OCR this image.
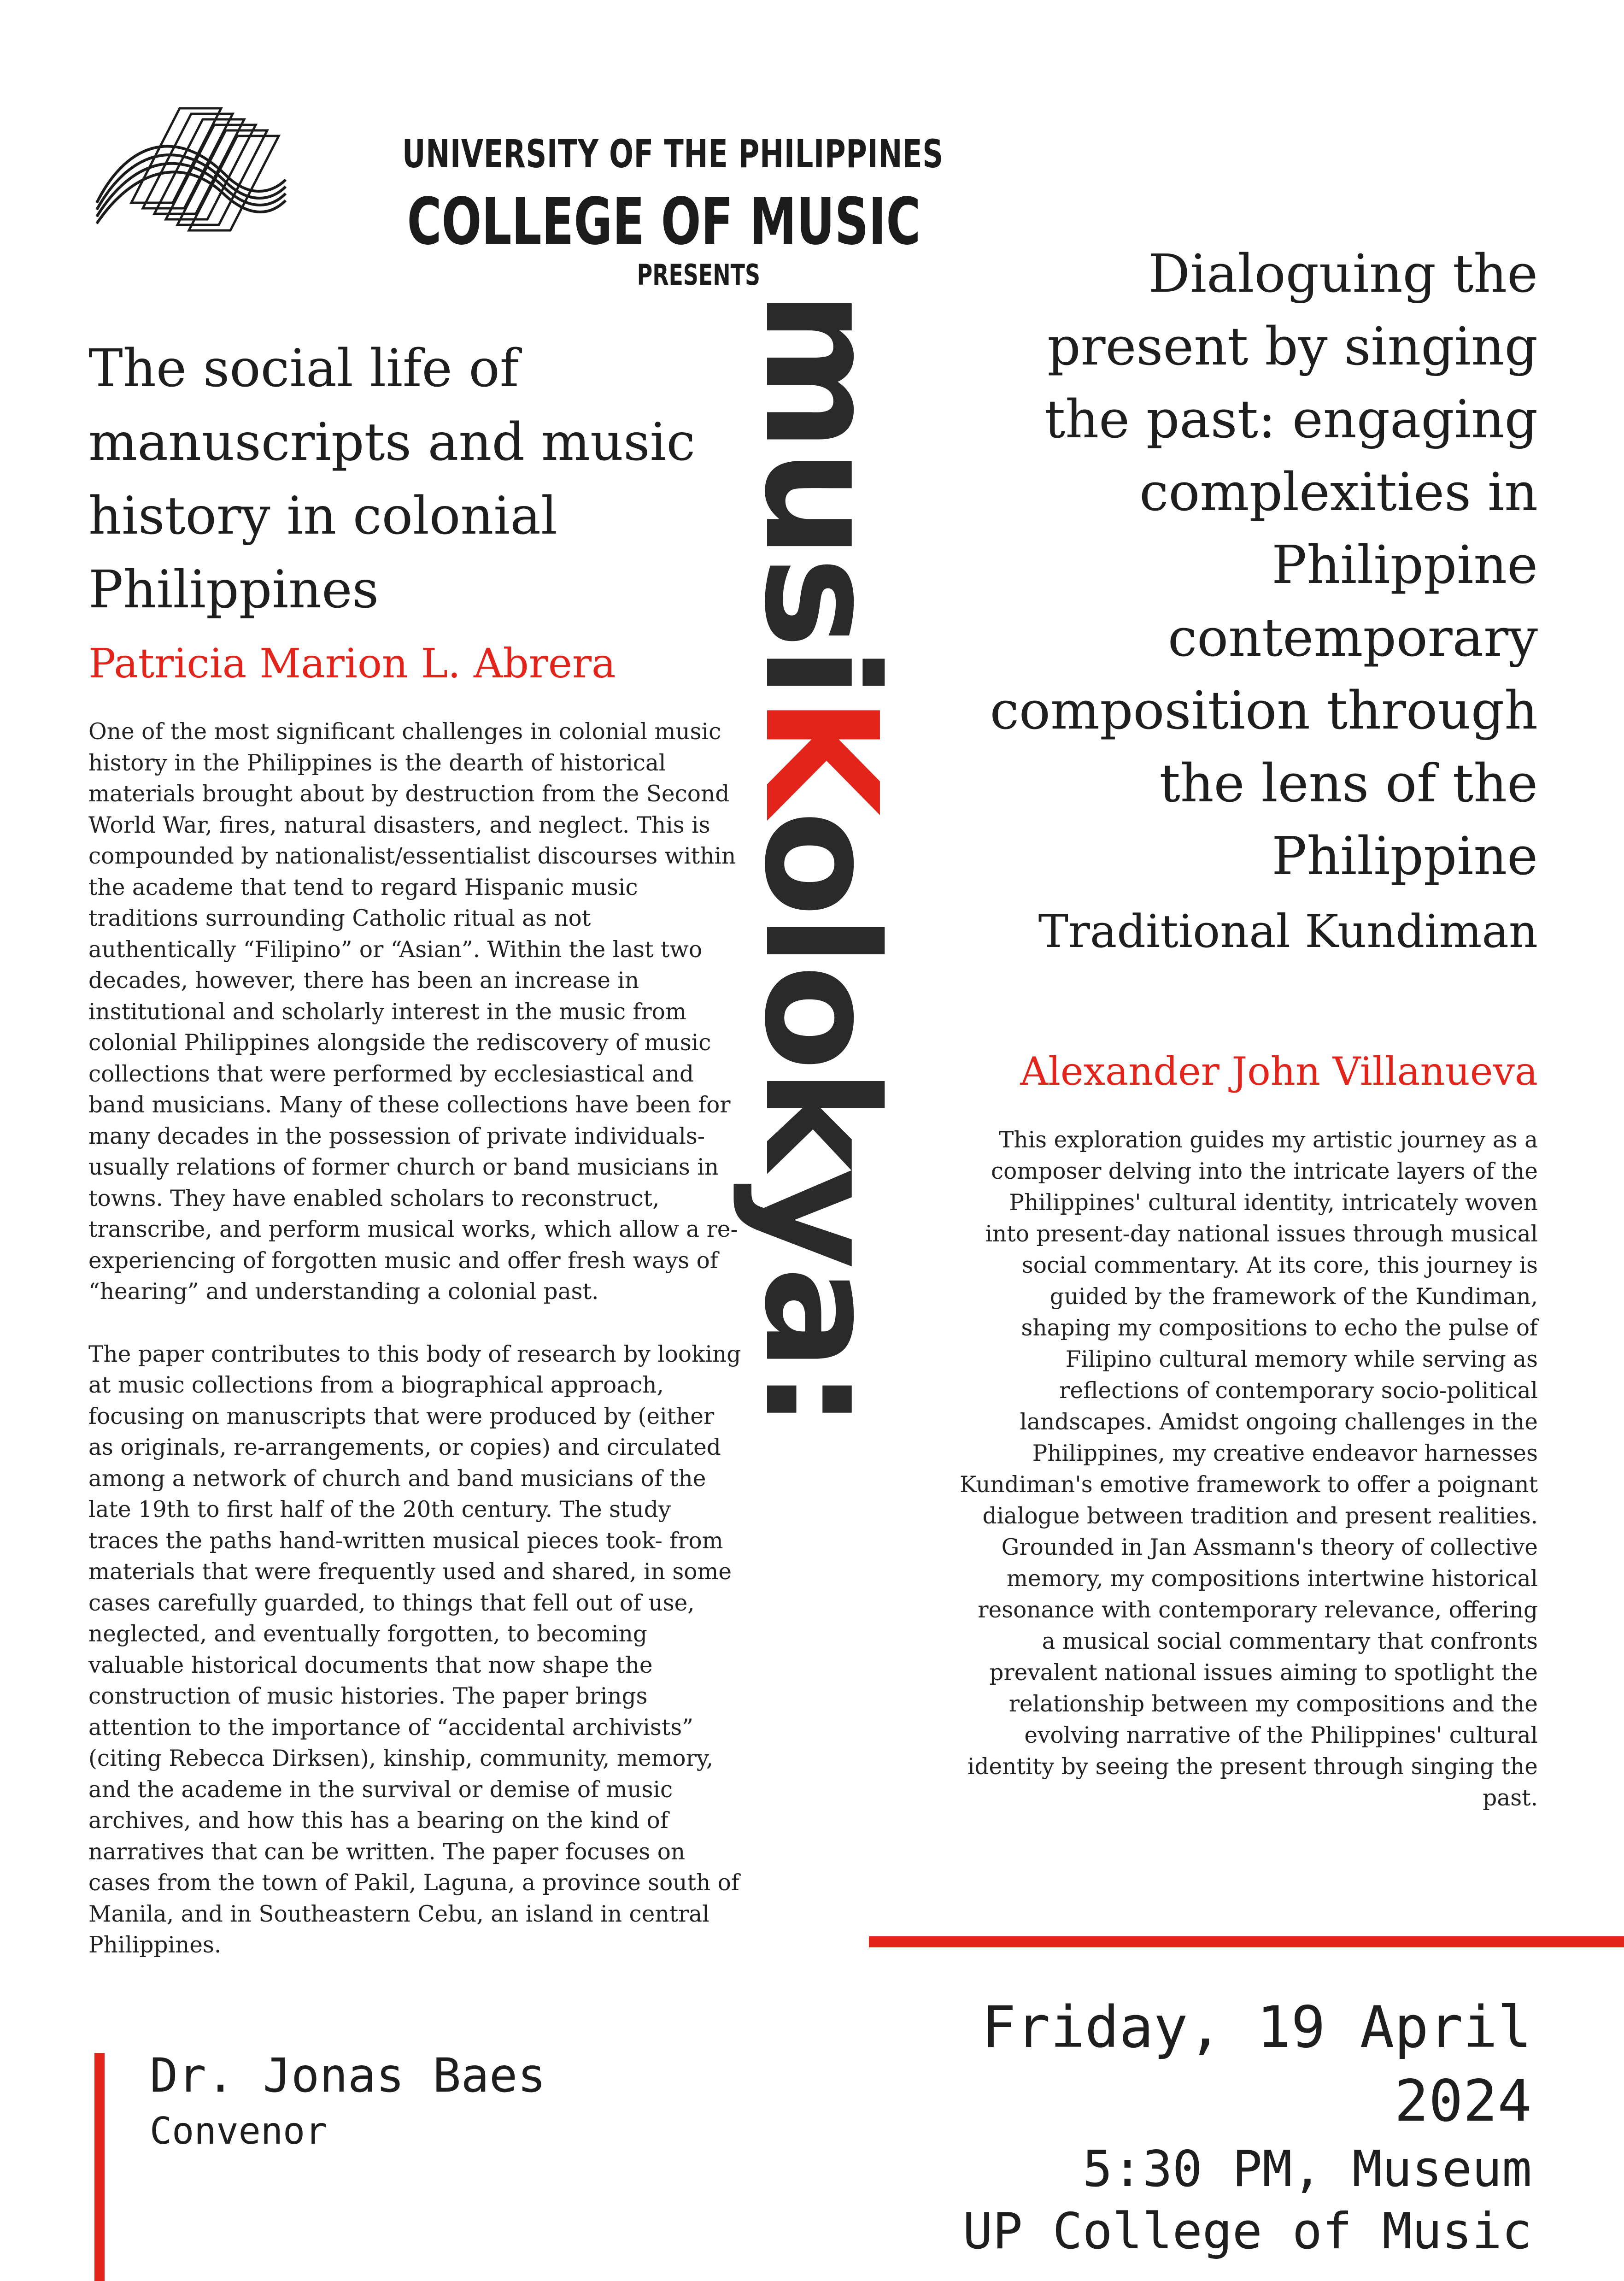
UNIVERSITY OF THE PHILIPPINES
COLLEGE OF MUSIC
PRESENTS
musiKolokya:
The social life of manuscripts and music history in colonial Philippines
Patricia Marion L. Abrera

One of the most significant challenges in colonial music history in the Philippines is the dearth of historical materials brought about by destruction from the Second World War, fires, natural disasters, and neglect. This is compounded by nationalist/essentialist discourses within the academe that tend to regard Hispanic music traditions surrounding Catholic ritual as not authentically “Filipino” or “Asian”. Within the last two decades, however, there has been an increase in institutional and scholarly interest in the music from colonial Philippines alongside the rediscovery of music collections that were performed by ecclesiastical and band musicians. Many of these collections have been for many decades in the possession of private individuals- usually relations of former church or band musicians in towns. They have enabled scholars to reconstruct, transcribe, and perform musical works, which allow a re-experiencing of forgotten music and offer fresh ways of “hearing” and understanding a colonial past.

The paper contributes to this body of research by looking at music collections from a biographical approach, focusing on manuscripts that were produced by (either as originals, re-arrangements, or copies) and circulated among a network of church and band musicians of the late 19th to first half of the 20th century. The study traces the paths hand-written musical pieces took- from materials that were frequently used and shared, in some cases carefully guarded, to things that fell out of use, neglected, and eventually forgotten, to becoming valuable historical documents that now shape the construction of music histories. The paper brings attention to the importance of “accidental archivists” (citing Rebecca Dirksen), kinship, community, memory, and the academe in the survival or demise of music archives, and how this has a bearing on the kind of narratives that can be written. The paper focuses on cases from the town of Pakil, Laguna, a province south of Manila, and in Southeastern Cebu, an island in central Philippines.

Dialoguing the present by singing the past: engaging complexities in Philippine contemporary composition through the lens of the Philippine
Traditional Kundiman
Alexander John Villanueva
This exploration guides my artistic journey as a composer delving into the intricate layers of the Philippines' cultural identity, intricately woven into present-day national issues through musical social commentary. At its core, this journey is guided by the framework of the Kundiman, shaping my compositions to echo the pulse of Filipino cultural memory while serving as reflections of contemporary socio-political landscapes. Amidst ongoing challenges in the Philippines, my creative endeavor harnesses Kundiman's emotive framework to offer a poignant dialogue between tradition and present realities. Grounded in Jan Assmann's theory of collective memory, my compositions intertwine historical resonance with contemporary relevance, offering a musical social commentary that confronts prevalent national issues aiming to spotlight the relationship between my compositions and the evolving narrative of the Philippines' cultural identity by seeing the present through singing the past.
Friday, 19 April 2024
5:30 PM, Museum
UP College of Music
Dr. Jonas Baes
Convenor
